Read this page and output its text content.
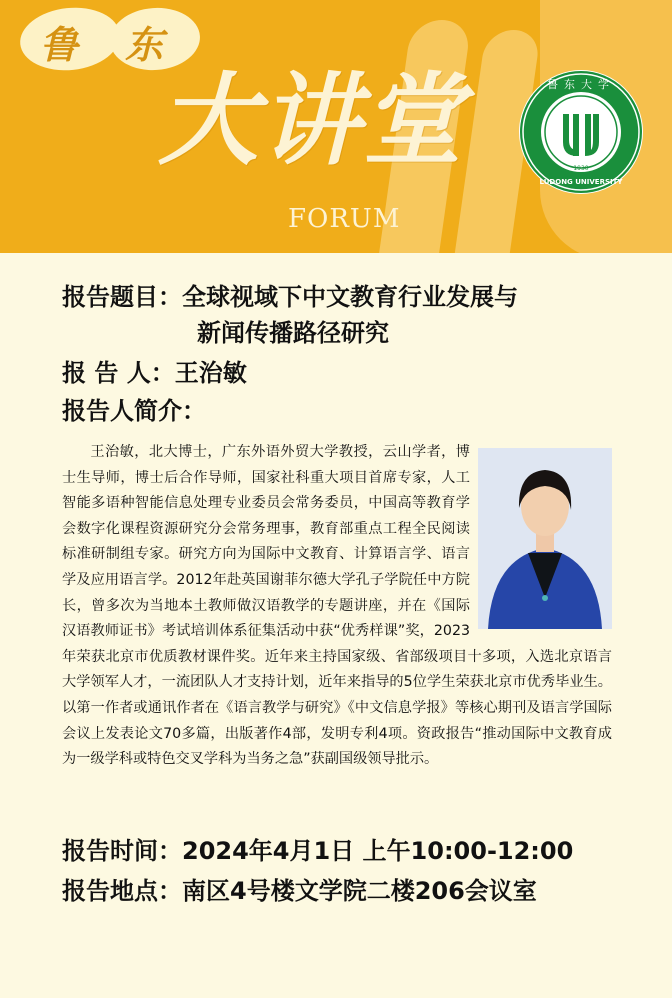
鲁 东
大讲堂
FORUM
鲁东大学
LUDONG UNIVERSITY
1930
报告题目：全球视域下中文教育行业发展与
新闻传播路径研究
报 告 人：王治敏
报告人简介：
王治敏，北大博士，广东外语外贸大学教授，云山学者，博士生导师，博士后合作导师，国家社科重大项目首席专家，人工智能多语种智能信息处理专业委员会常务委员，中国高等教育学会数字化课程资源研究分会常务理事，教育部重点工程全民阅读标准研制组专家。研究方向为国际中文教育、计算语言学、语言学及应用语言学。2012年赴英国谢菲尔德大学孔子学院任中方院长，曾多次为当地本土教师做汉语教学的专题讲座，并在《国际汉语教师证书》考试培训体系征集活动中获“优秀样课”奖，2023年荣获北京市优质教材课件奖。近年来主持国家级、省部级项目十多项，入选北京语言大学领军人才，一流团队人才支持计划，近年来指导的5位学生荣获北京市优秀毕业生。以第一作者或通讯作者在《语言教学与研究》《中文信息学报》等核心期刊及语言学国际会议上发表论文70多篇，出版著作4部，发明专利4项。资政报告“推动国际中文教育成为一级学科或特色交叉学科为当务之急”获副国级领导批示。
报告时间：2024年4月1日 上午10:00-12:00
报告地点：南区4号楼文学院二楼206会议室
